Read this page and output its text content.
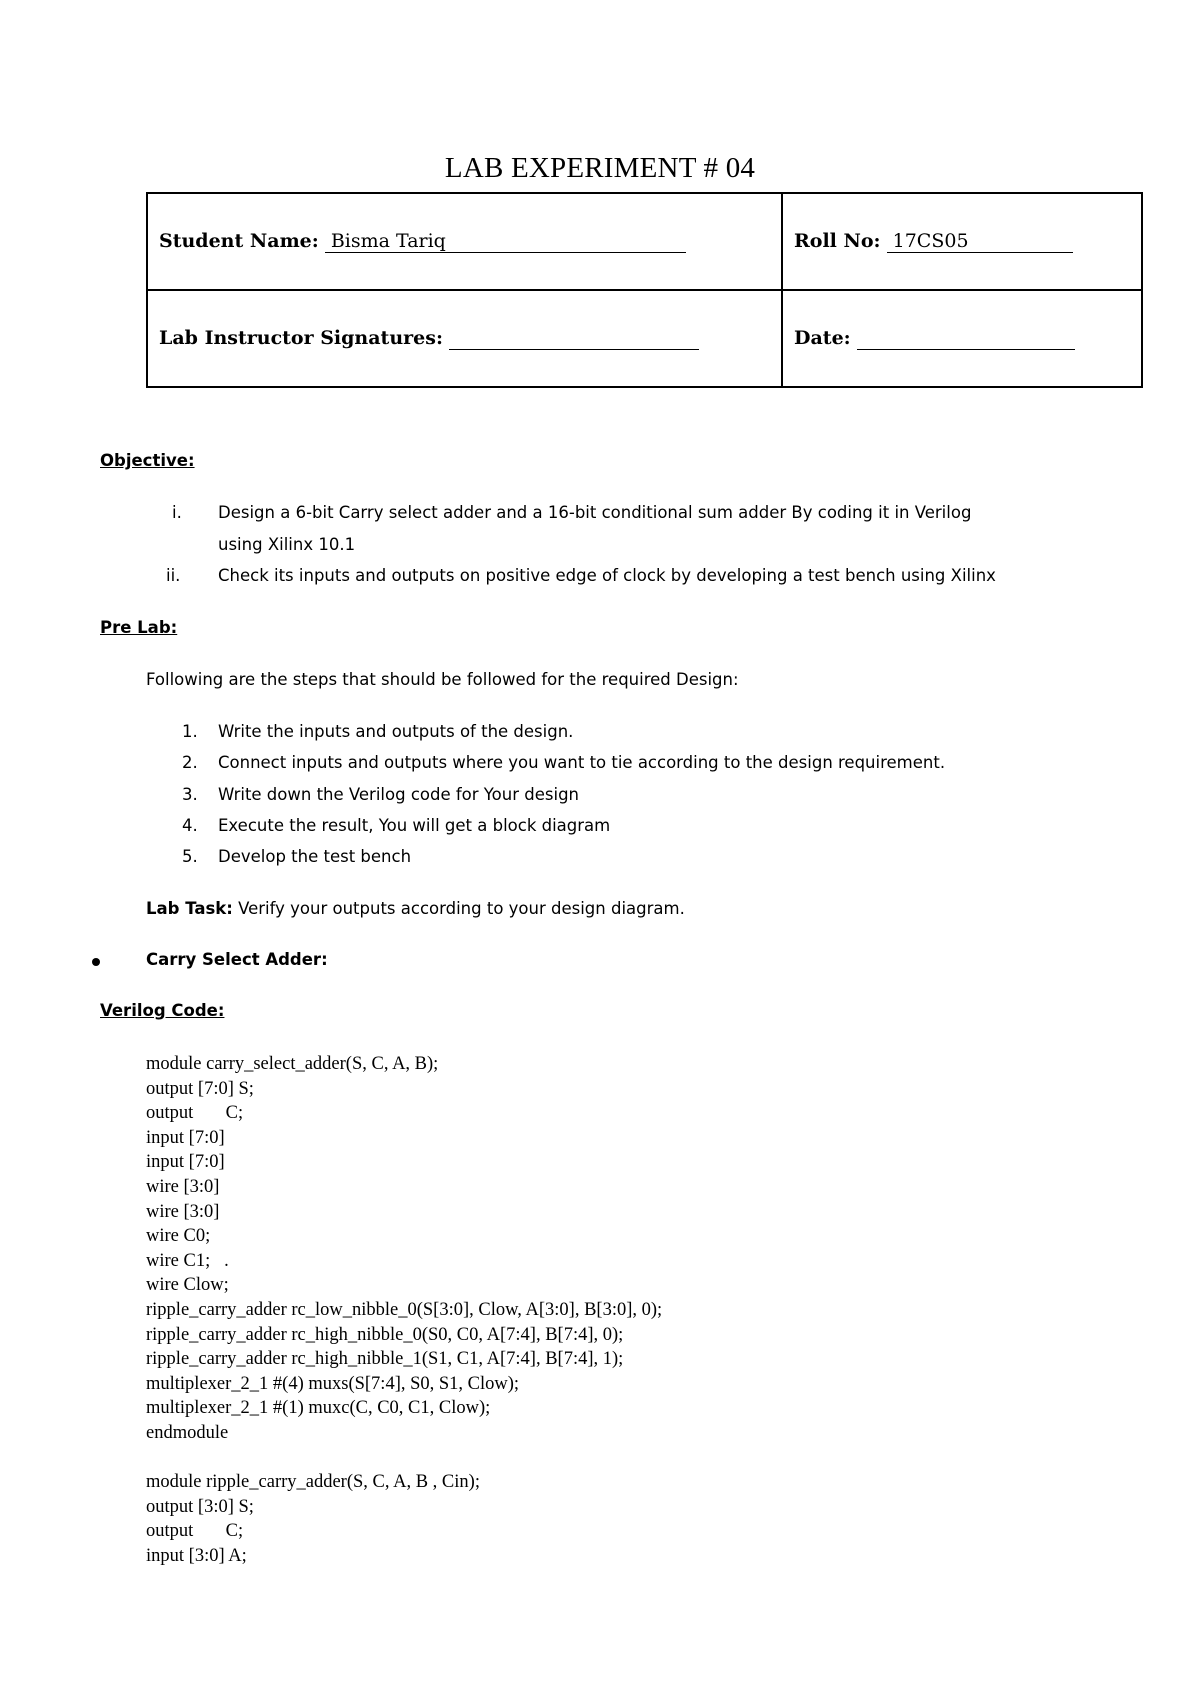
LAB EXPERIMENT # 04
Student Name: Bisma Tariq	Roll No: 17CS05
Lab Instructor Signatures:	Date:
Objective:
i. Design a 6-bit Carry select adder and a 16-bit conditional sum adder By coding it in Verilog
using Xilinx 10.1
ii. Check its inputs and outputs on positive edge of clock by developing a test bench using Xilinx
Pre Lab:
Following are the steps that should be followed for the required Design:
1. Write the inputs and outputs of the design.
2. Connect inputs and outputs where you want to tie according to the design requirement.
3. Write down the Verilog code for Your design
4. Execute the result, You will get a block diagram
5. Develop the test bench
Lab Task: Verify your outputs according to your design diagram.
Carry Select Adder:
Verilog Code:
module carry_select_adder(S, C, A, B);
output [7:0] S;
output       C;
input [7:0]
input [7:0]
wire [3:0]
wire [3:0]
wire C0;
wire C1;   .
wire Clow;
ripple_carry_adder rc_low_nibble_0(S[3:0], Clow, A[3:0], B[3:0], 0);
ripple_carry_adder rc_high_nibble_0(S0, C0, A[7:4], B[7:4], 0);
ripple_carry_adder rc_high_nibble_1(S1, C1, A[7:4], B[7:4], 1);
multiplexer_2_1 #(4) muxs(S[7:4], S0, S1, Clow);
multiplexer_2_1 #(1) muxc(C, C0, C1, Clow);
endmodule
module ripple_carry_adder(S, C, A, B , Cin);
output [3:0] S;
output       C;
input [3:0] A;
